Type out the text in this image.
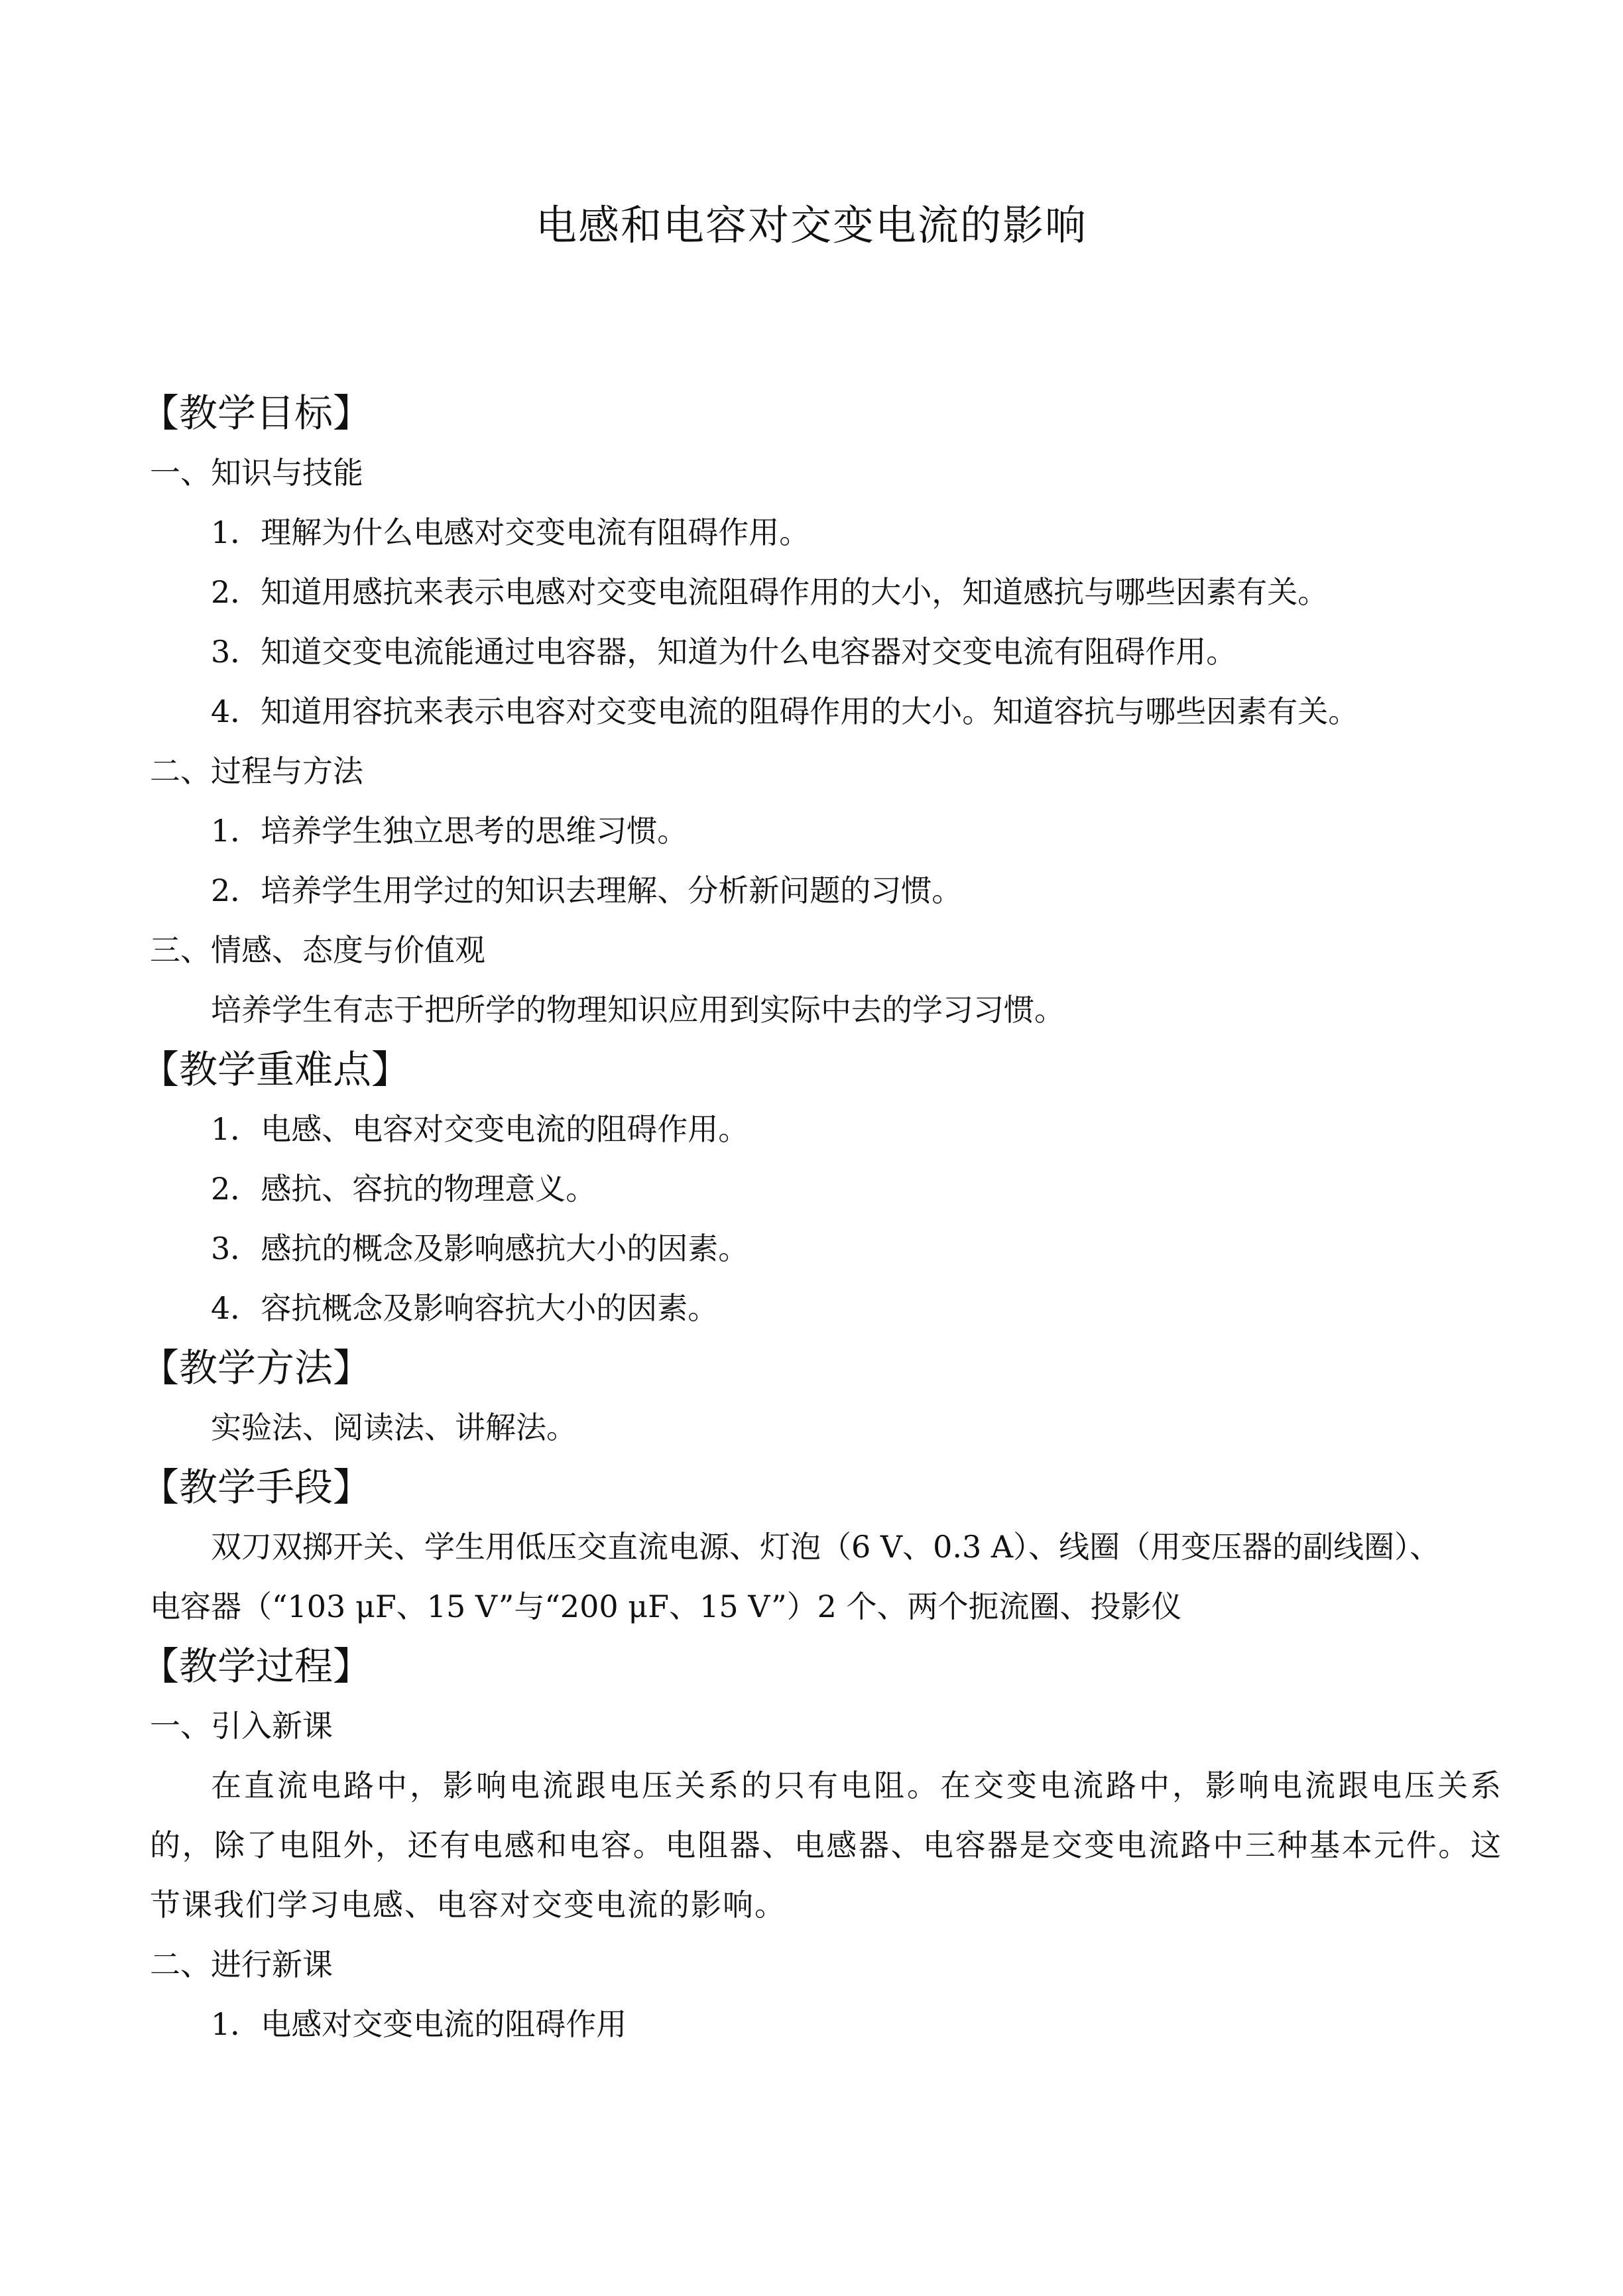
电感和电容对交变电流的影响
【教学目标】
一、知识与技能
1．理解为什么电感对交变电流有阻碍作用。
2．知道用感抗来表示电感对交变电流阻碍作用的大小，知道感抗与哪些因素有关。
3．知道交变电流能通过电容器，知道为什么电容器对交变电流有阻碍作用。
4．知道用容抗来表示电容对交变电流的阻碍作用的大小。知道容抗与哪些因素有关。
二、过程与方法
1．培养学生独立思考的思维习惯。
2．培养学生用学过的知识去理解、分析新问题的习惯。
三、情感、态度与价值观
培养学生有志于把所学的物理知识应用到实际中去的学习习惯。
【教学重难点】
1．电感、电容对交变电流的阻碍作用。
2．感抗、容抗的物理意义。
3．感抗的概念及影响感抗大小的因素。
4．容抗概念及影响容抗大小的因素。
【教学方法】
实验法、阅读法、讲解法。
【教学手段】
双刀双掷开关、学生用低压交直流电源、灯泡（6 V、0.3 A）、线圈（用变压器的副线圈）、
电容器（“103 μF、15 V”与“200 μF、15 V”）2 个、两个扼流圈、投影仪
【教学过程】
一、引入新课
在直流电路中，影响电流跟电压关系的只有电阻。在交变电流路中，影响电流跟电压关系的，除了电阻外，还有电感和电容。电阻器、电感器、电容器是交变电流路中三种基本元件。这节课我们学习电感、电容对交变电流的影响。
二、进行新课
1．电感对交变电流的阻碍作用
